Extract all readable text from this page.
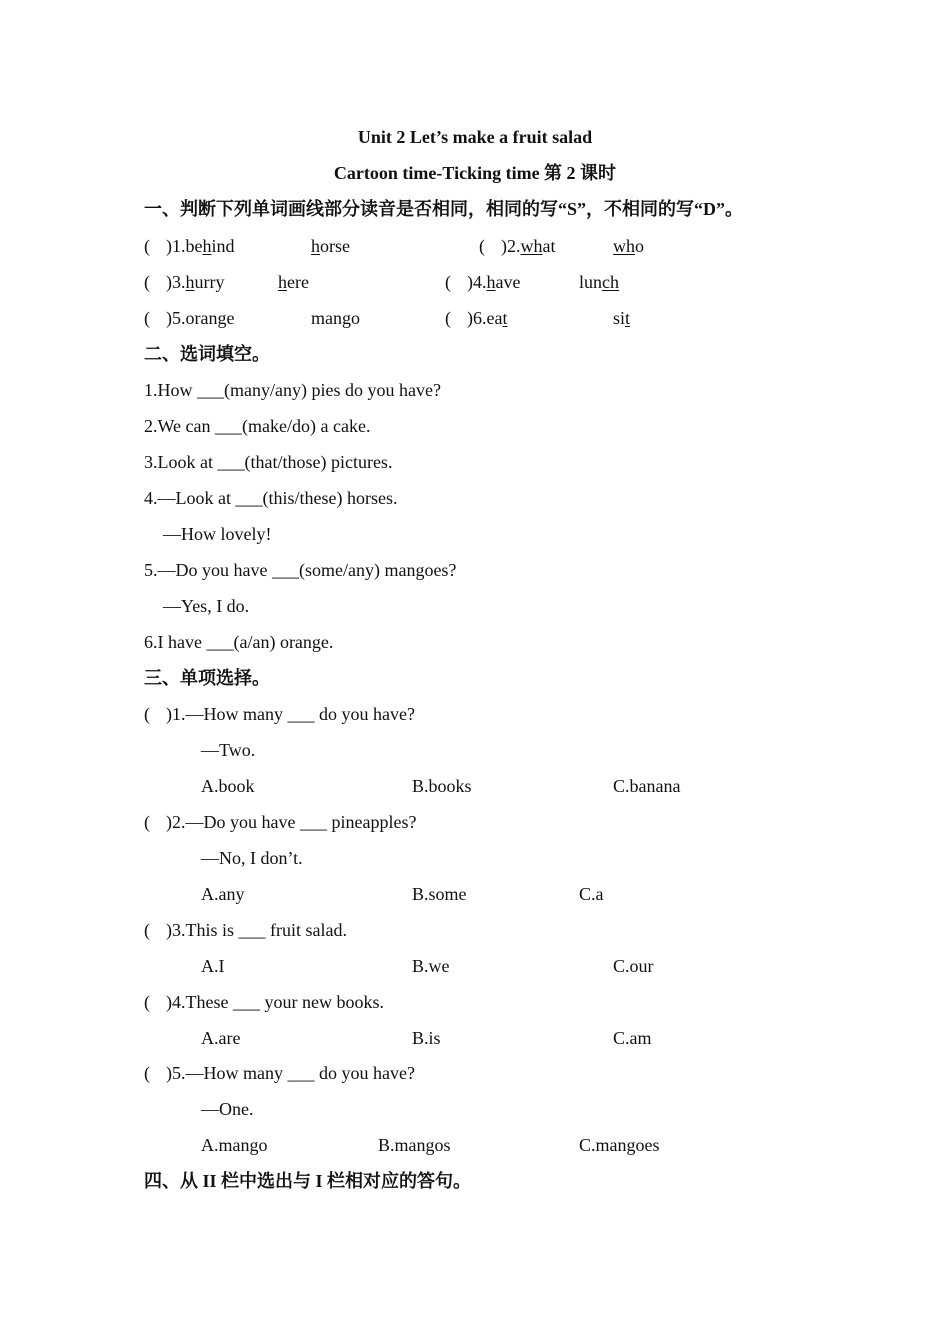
Unit 2 Let’s make a fruit salad
Cartoon time-Ticking time 第 2 课时
一、判断下列单词画线部分读音是否相同，相同的写“S”，不相同的写“D”。
( )1.behind	horse	( )2.what	who
( )3.hurry	here	( )4.have	lunch
( )5.orange	mango	( )6.eat	sit
二、选词填空。
1.How ___(many/any) pies do you have?
2.We can ___(make/do) a cake.
3.Look at ___(that/those) pictures.
4.—Look at ___(this/these) horses.
—How lovely!
5.—Do you have ___(some/any) mangoes?
—Yes, I do.
6.I have ___(a/an) orange.
三、单项选择。
( )1.—How many ___ do you have?
—Two.
A.book	B.books	C.banana
( )2.—Do you have ___ pineapples?
—No, I don’t.
A.any	B.some	C.a
( )3.This is ___ fruit salad.
A.I	B.we	C.our
( )4.These ___ your new books.
A.are	B.is	C.am
( )5.—How many ___ do you have?
—One.
A.mango	B.mangos	C.mangoes
四、从 II 栏中选出与 I 栏相对应的答句。
